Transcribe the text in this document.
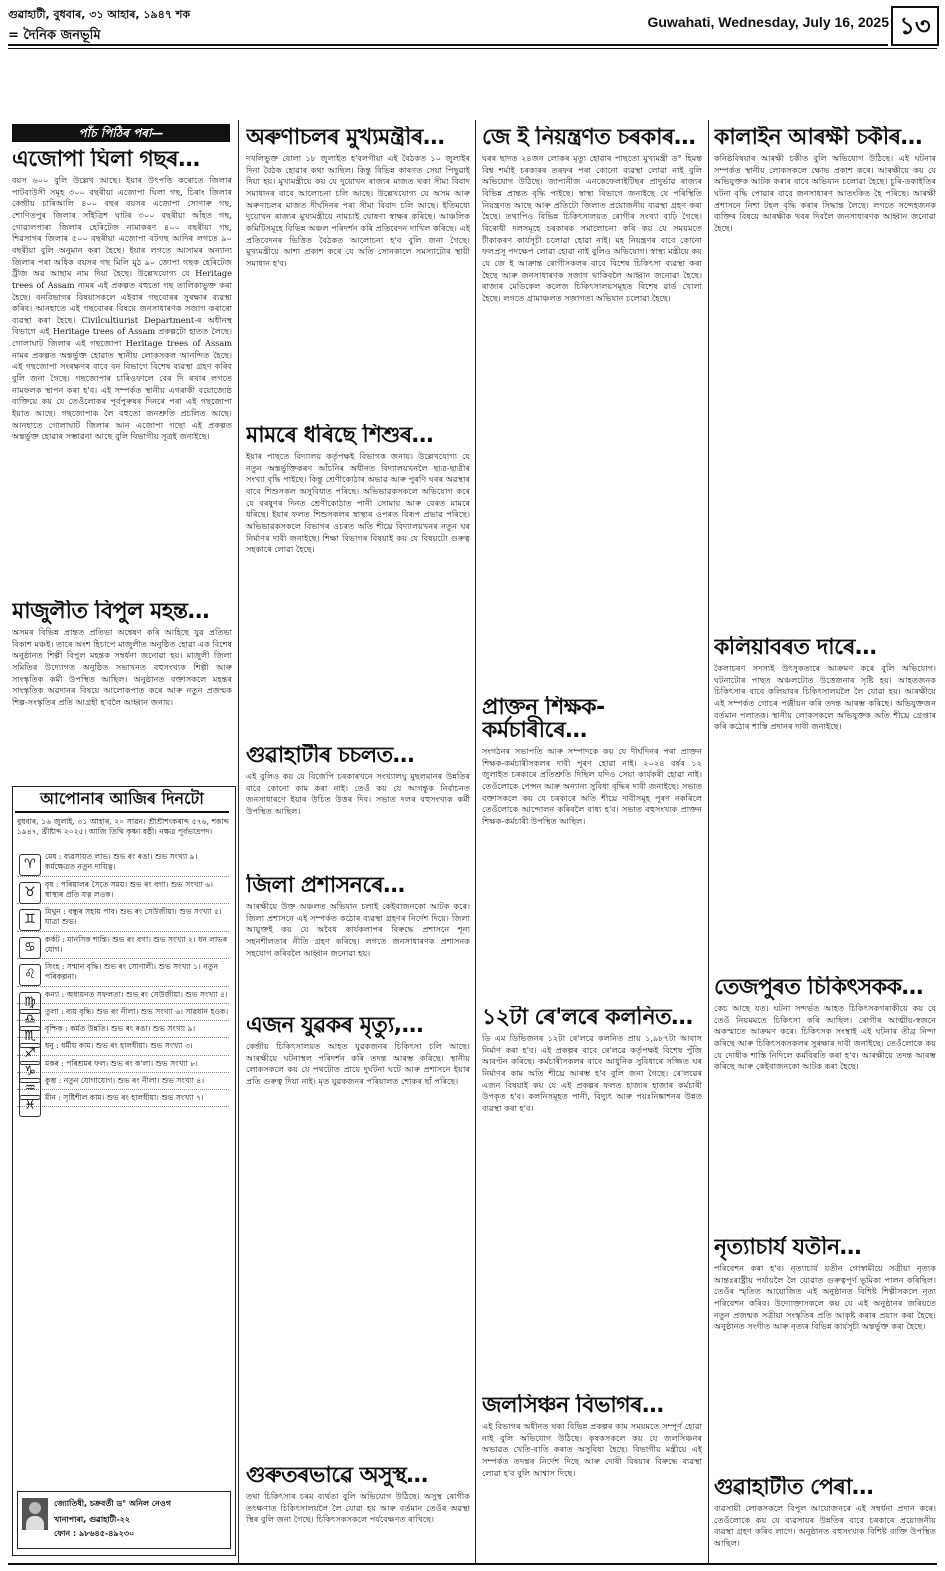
গুৱাহাটী, বুধবাৰ, ৩১ আহাৰ, ১৯৪৭ শক
= দৈনিক জনভূমি
Guwahati, Wednesday, July 16, 2025 ১৩
পাঁচ পিঠিৰ পৰা—
এজোপা ঘিলা গছৰ…

বয়স ৬০০ বুলি উল্লেখ আছে। ইয়াৰ উৎপত্তি কৰোতে জিলাৰ পাটবাউসী সমূহ ৩০০ বছৰীয়া এজোপা ঘিলা গছ, চিৰাং জিলাৰ কেন্দ্ৰীয় চাৰিআলি ৪০০ বছৰ বয়সৰ এজোপা সোণাৰু গছ, শোণিতপুৰ জিলাৰ সাঁইত্ৰিশ ঘাটৰ ৩০০ বছৰীয়া আঁহত গছ, গোৱালপাৰা জিলাৰ হেৰিটেজ নামাকৰণ ৪০০ বছৰীয়া গছ, শিৱসাগৰ জিলাৰ ৫০০ বছৰীয়া এজোপা বটগছ আদিৰ লগতে ৯০ বছৰীয়া বুলি অনুমান কৰা হৈছে। ইয়াৰ লগতে আসামৰ অন্যান্য জিলাৰ পৰা অধিক বয়সৰ গছ মিলি মুঠ ৯০ জোপা গছক হেৰিটেজ ট্ৰীজ অৱ আছাম নাম দিয়া হৈছে। উল্লেখযোগ্য যে Heritage trees of Assam নামৰ এই প্ৰকল্পত বহুতো গছ তালিকাভুক্ত কৰা হৈছে। বনবিভাগৰ বিষয়াসকলে এইবাৰ গছবোৰৰ সুৰক্ষাৰ ব্যৱস্থা কৰিব। আনহাতে এই গছবোৰৰ বিষয়ে জনসাধাৰণক সজাগ কৰাৰো ব্যৱস্থা কৰা হৈছে। Civilcultiurist Department-ৰ অধীনস্থ বিভাগে এই Heritage trees of Assam প্ৰকল্পটো হাতত লৈছে। গোলাঘাট জিলাৰ এই গছজোপা Heritage trees of Assam নামৰ প্ৰকল্পত অন্তৰ্ভুক্ত হোৱাত স্থানীয় লোকসকল আনন্দিত হৈছে। এই গছজোপা সংৰক্ষণৰ বাবে বন বিভাগে বিশেষ ব্যৱস্থা গ্ৰহণ কৰিব বুলি জনা গৈছে। গছজোপাৰ চাৰিওফালে বেৰ দি ৰখাৰ লগতে নামফলক স্থাপন কৰা হ'ব। এই সম্পৰ্কত স্থানীয় এগৰাকী বয়োজ্যেষ্ঠ ব্যক্তিয়ে কয় যে তেওঁলোকৰ পূৰ্বপুৰুষৰ দিনৰে পৰা এই গছজোপা ইয়াত আছে। গছজোপাক লৈ বহুতো জনশ্ৰুতি প্ৰচলিত আছে। আনহাতে গোলাঘাট জিলাৰ আন এজোপা গছো এই প্ৰকল্পত অন্তৰ্ভুক্ত হোৱাৰ সম্ভাৱনা আছে বুলি বিভাগীয় সূত্ৰই জনাইছে।

মাজুলীত বিপুল মহন্ত…

অসমৰ বিভিন্ন প্ৰান্তত প্ৰতিভা অন্বেষণ কৰি আহিছে যুৱ প্ৰতিভা বিকাশ মঞ্চই। তাৰে অংশ হিচাপে মাজুলীত অনুষ্ঠিত হোৱা এক বিশেষ অনুষ্ঠানত শিল্পী বিপুল মহন্তক সম্বৰ্ধনা জনোৱা হয়। মাজুলী জিলা সমিতিৰ উদ্যোগত অনুষ্ঠিত সভাখনত বহুসংখ্যক শিল্পী আৰু সাংস্কৃতিক কৰ্মী উপস্থিত আছিল। অনুষ্ঠানত বক্তাসকলে মহন্তৰ সাংস্কৃতিক অৱদানৰ বিষয়ে আলোকপাত কৰে আৰু নতুন প্ৰজন্মক শিল্প-সংস্কৃতিৰ প্ৰতি আগ্ৰহী হ'বলৈ আহ্বান জনায়।

আপোনাৰ আজিৰ দিনটো
বুধবাৰ, ১৬ জুলাই, ৩১ আহাৰ, ২০ সাৱন। শ্ৰীশ্ৰীশংকৰাব্দ ৫৭৬, শকাব্দ ১৯৪৭, খ্ৰীষ্টাব্দ ২০২৫। আজি তিথি কৃষ্ণা ষষ্ঠী। নক্ষত্ৰ পূৰ্বভাদ্ৰপদ।
♈
মেষ : ব্যৱসায়ত লাভ। শুভ ৰং ৰঙা। শুভ সংখ্যা ৯। কৰ্মক্ষেত্ৰত নতুন দায়িত্ব।
♉
বৃষ : পৰিয়ালৰ সৈতে সময়। শুভ ৰং বগা। শুভ সংখ্যা ৬। স্বাস্থ্যৰ প্ৰতি যত্ন লওক।
♊
মিথুন : বন্ধুৰ সহায় পাব। শুভ ৰং সেউজীয়া। শুভ সংখ্যা ৫। যাত্ৰা শুভ।
♋
কৰ্কট : মানসিক শান্তি। শুভ ৰং বগা। শুভ সংখ্যা ২। ধন লাভৰ যোগ।
♌
সিংহ : সন্মান বৃদ্ধি। শুভ ৰং সোণালী। শুভ সংখ্যা ১। নতুন পৰিকল্পনা।
♍
কন্যা : অধ্যয়নত সফলতা। শুভ ৰং সেউজীয়া। শুভ সংখ্যা ৫।
♎
তুলা : ব্যয় বৃদ্ধি। শুভ ৰং নীলা। শুভ সংখ্যা ৬। সাৱধান হওক।
♏
বৃশ্চিক : কৰ্মত উন্নতি। শুভ ৰং ৰঙা। শুভ সংখ্যা ৯।
♐
ধনু : ধৰ্মীয় কাম। শুভ ৰং হালধীয়া। শুভ সংখ্যা ৩।
♑
মকৰ : পৰিশ্ৰমৰ ফল। শুভ ৰং ক'লা। শুভ সংখ্যা ৮।
♒
কুম্ভ : নতুন যোগাযোগ। শুভ ৰং নীলা। শুভ সংখ্যা ৪।
♓
মীন : সৃষ্টিশীল কাম। শুভ ৰং হালধীয়া। শুভ সংখ্যা ৭।
জ্যোতিষী, চক্ৰবৰ্তী ড° অনিল নেওগ
খানাপাৰা, গুৱাহাটী-২২
ফোন : ৯৮৬৪৫-৪৯২৩০
অৰুণাচলৰ মুখ্যমন্ত্ৰীৰ…

দখলিভুক্ত বোলা ১৮ জুলাইত হ'বলগীয়া এই বৈঠকত ১০ জুলাইৰ দিনা বৈঠক হোৱাৰ কথা আছিল। কিন্তু বিভিন্ন কাৰণত সেয়া পিছুৱাই দিয়া হয়। মুখ্যমন্ত্ৰীয়ে কয় যে দুয়োখন ৰাজ্যৰ মাজত থকা সীমা বিবাদ সমাধানৰ বাবে আলোচনা চলি আছে। উল্লেখযোগ্য যে অসম আৰু অৰুণাচলৰ মাজত দীৰ্ঘদিনৰ পৰা সীমা বিবাদ চলি আছে। ইতিমধ্যে দুয়োখন ৰাজ্যৰ মুখ্যমন্ত্ৰীয়ে নামচাই ঘোষণা স্বাক্ষৰ কৰিছে। আঞ্চলিক কমিটিসমূহে বিভিন্ন অঞ্চল পৰিদৰ্শন কৰি প্ৰতিবেদন দাখিল কৰিছে। এই প্ৰতিবেদনৰ ভিত্তিত বৈঠকত আলোচনা হ'ব বুলি জনা গৈছে। মুখ্যমন্ত্ৰীয়ে আশা প্ৰকাশ কৰে যে অতি সোনকালে সমস্যাটোৰ স্থায়ী সমাধান হ'ব।

মামৰে ধৰিছে শিশুৰ…

ইয়াৰ পাছতে বিদ্যালয় কৰ্তৃপক্ষই বিভাগক জনায়। উল্লেখযোগ্য যে নতুন অন্তৰ্ভুক্তিকৰণ আঁচনিৰ অধীনত বিদ্যালয়খনলৈ ছাত্ৰ-ছাত্ৰীৰ সংখ্যা বৃদ্ধি পাইছে। কিন্তু শ্ৰেণীকোঠাৰ অভাৱ আৰু পুৰণি ঘৰৰ অৱস্থাৰ বাবে শিশুসকল অসুবিধাত পৰিছে। অভিভাৱকসকলে অভিযোগ কৰে যে বৰষুণৰ দিনত শ্ৰেণীকোঠাত পানী সোমায় আৰু বেৰত মামৰে ধৰিছে। ইয়াৰ ফলত শিশুসকলৰ স্বাস্থ্যৰ ওপৰত বিৰূপ প্ৰভাৱ পৰিছে। অভিভাৱকসকলে বিভাগৰ ওচৰত অতি শীঘ্ৰে বিদ্যালয়খনৰ নতুন ঘৰ নিৰ্মাণৰ দাবী জনাইছে। শিক্ষা বিভাগৰ বিষয়াই কয় যে বিষয়টো গুৰুত্ব সহকাৰে লোৱা হৈছে।

গুৱাহাটীৰ চচলত…

এই বুলিও কয় যে বিজেপি চৰকাৰখনে সংখ্যালঘু মুছলমানৰ উন্নতিৰ বাবে কোনো কাম কৰা নাই। তেওঁ কয় যে আগন্তুক নিৰ্বাচনত জনসাধাৰণে ইয়াৰ উচিত উত্তৰ দিব। সভাত দলৰ বহুসংখ্যক কৰ্মী উপস্থিত আছিল।

জিলা প্ৰশাসনৰে…

আৰক্ষীয়ে উক্ত অঞ্চলত অভিযান চলাই কেইবাজনকো আটক কৰে। জিলা প্ৰশাসনে এই সম্পৰ্কত কঠোৰ ব্যৱস্থা গ্ৰহণৰ নিৰ্দেশ দিয়ে। জিলা আয়ুক্তই কয় যে অবৈধ কাৰ্যকলাপৰ বিৰুদ্ধে প্ৰশাসনে শূন্য সহনশীলতাৰ নীতি গ্ৰহণ কৰিছে। লগতে জনসাধাৰণক প্ৰশাসনক সহযোগ কৰিবলৈ আহ্বান জনোৱা হয়।

এজন যুৱকৰ মৃত্যু,…

কেন্দ্ৰীয় চিকিৎসালয়ত আহত যুৱকজনৰ চিকিৎসা চলি আছে। আৰক্ষীয়ে ঘটনাস্থল পৰিদৰ্শন কৰি তদন্ত আৰম্ভ কৰিছে। স্থানীয় লোকসকলে কয় যে পথটোত প্ৰায়ে দুৰ্ঘটনা ঘটে আৰু প্ৰশাসনে ইয়াৰ প্ৰতি গুৰুত্ব দিয়া নাই। মৃত যুৱকজনৰ পৰিয়ালত শোকৰ ছাঁ পৰিছে।

গুৰুতৰভাৱে অসুস্থ…

তথা চিকিৎসাৰ চৰম ব্যৰ্থতা বুলি অভিযোগ উঠিছে। অসুস্থ ৰোগীক তৎক্ষণাত চিকিৎসালয়লৈ লৈ যোৱা হয় আৰু বৰ্তমান তেওঁৰ অৱস্থা স্থিৰ বুলি জনা গৈছে। চিকিৎসকসকলে পৰ্যবেক্ষণত ৰাখিছে।

জে ই নিয়ন্ত্ৰণত চৰকাৰ…

ঘৰৰ ছাদত ২৪জন লোকৰ মৃত্যু হোৱাৰ পাছতো মুখ্যমন্ত্ৰী ড° হিমন্ত বিশ্ব শৰ্মাই চৰকাৰৰ তৰফৰ পৰা কোনো ব্যৱস্থা লোৱা নাই বুলি অভিযোগ উঠিছে। জাপানীজ এনকেফেলাইটিছৰ প্ৰাদুৰ্ভাৱ ৰাজ্যৰ বিভিন্ন প্ৰান্তত বৃদ্ধি পাইছে। স্বাস্থ্য বিভাগে জনাইছে যে পৰিস্থিতি নিয়ন্ত্ৰণত আছে আৰু প্ৰতিটো জিলাত প্ৰয়োজনীয় ব্যৱস্থা গ্ৰহণ কৰা হৈছে। তথাপিও বিভিন্ন চিকিৎসালয়ত ৰোগীৰ সংখ্যা বাঢ়ি গৈছে। বিৰোধী দলসমূহে চৰকাৰক সমালোচনা কৰি কয় যে সময়মতে টীকাকৰণ কাৰ্যসূচী চলোৱা হোৱা নাই। মহ নিয়ন্ত্ৰণৰ বাবে কোনো ফলপ্ৰসূ পদক্ষেপ লোৱা হোৱা নাই বুলিও অভিযোগ। স্বাস্থ্য মন্ত্ৰীয়ে কয় যে জে ই আক্ৰান্ত ৰোগীসকলৰ বাবে বিশেষ চিকিৎসা ব্যৱস্থা কৰা হৈছে আৰু জনসাধাৰণক সজাগ থাকিবলৈ আহ্বান জনোৱা হৈছে। ৰাজ্যৰ মেডিকেল কলেজ চিকিৎসালয়সমূহত বিশেষ ৱাৰ্ড খোলা হৈছে। লগতে গ্ৰামাঞ্চলত সজাগতা অভিযান চলোৱা হৈছে।

প্ৰাক্তন শিক্ষক-কৰ্মচাৰীৰে…

সংগঠনৰ সভাপতি আৰু সম্পাদকে কয় যে দীৰ্ঘদিনৰ পৰা প্ৰাক্তন শিক্ষক-কৰ্মচাৰীসকলৰ দাবী পূৰণ হোৱা নাই। ২০২৪ বৰ্ষৰ ১২ জুলাইত চৰকাৰে প্ৰতিশ্ৰুতি দিছিল যদিও সেয়া কাৰ্যকৰী হোৱা নাই। তেওঁলোকে পেন্সন আৰু অন্যান্য সুবিধা বৃদ্ধিৰ দাবী জনাইছে। সভাত বক্তাসকলে কয় যে চৰকাৰে অতি শীঘ্ৰে দাবীসমূহ পূৰণ নকৰিলে তেওঁলোকে আন্দোলন কৰিবলৈ বাধ্য হ'ব। সভাত বহুসংখ্যক প্ৰাক্তন শিক্ষক-কৰ্মচাৰী উপস্থিত আছিল।

১২টা ৰে'লৰে কলনিত…

ডি এম ডিভিজনৰ ১২টা ৰে'লৱে কলনিত প্ৰায় ১,৯৮৭টা আবাস নিৰ্মাণ কৰা হ'ব। এই প্ৰকল্পৰ বাবে ৰে'লৱে কৰ্তৃপক্ষই বিশেষ পুঁজি আবণ্টন কৰিছে। কৰ্মচাৰীসকলৰ বাবে আধুনিক সুবিধাৰে সজ্জিত ঘৰ নিৰ্মাণৰ কাম অতি শীঘ্ৰে আৰম্ভ হ'ব বুলি জনা গৈছে। ৰে'লৱেৰ এজন বিষয়াই কয় যে এই প্ৰকল্পৰ ফলত হাজাৰ হাজাৰ কৰ্মচাৰী উপকৃত হ'ব। কলনিসমূহত পানী, বিদ্যুৎ আৰু পয়ঃনিষ্কাশনৰ উন্নত ব্যৱস্থা কৰা হ'ব।

জলসিঞ্চন বিভাগৰ…

এই বিভাগৰ অধীনত থকা বিভিন্ন প্ৰকল্পৰ কাম সময়মতে সম্পূৰ্ণ হোৱা নাই বুলি অভিযোগ উঠিছে। কৃষকসকলে কয় যে জলসিঞ্চনৰ অভাৱত খেতি-বাতি কৰাত অসুবিধা হৈছে। বিভাগীয় মন্ত্ৰীয়ে এই সম্পৰ্কত তদন্তৰ নিৰ্দেশ দিছে আৰু দোষী বিষয়াৰ বিৰুদ্ধে ব্যৱস্থা লোৱা হ'ব বুলি আশ্বাস দিছে।

কালাইন আৰক্ষী চকীৰ…

কনিষ্ঠবিষয়াৰ আৰক্ষী চকীত বুলি অভিযোগ উঠিছে। এই ঘটনাৰ সম্পৰ্কত স্থানীয় লোকসকলে ক্ষোভ প্ৰকাশ কৰে। আৰক্ষীয়ে কয় যে অভিযুক্তক আটক কৰাৰ বাবে অভিযান চলোৱা হৈছে। চুৰি-ডকাইতিৰ ঘটনা বৃদ্ধি পোৱাৰ বাবে জনসাধাৰণ আতংকিত হৈ পৰিছে। আৰক্ষী প্ৰশাসনে নিশা টহল বৃদ্ধি কৰাৰ সিদ্ধান্ত লৈছে। লগতে সন্দেহজনক ব্যক্তিৰ বিষয়ে আৰক্ষীক খবৰ দিবলৈ জনসাধাৰণক আহ্বান জনোৱা হৈছে।

কলিয়াবৰত দাৰে…

কৈলাচৰণ সদস্যই উৎসুকতাৰে আক্ৰমণ কৰে বুলি অভিযোগ। ঘটনাটোৰ পাছত অঞ্চলটোত উত্তেজনাৰ সৃষ্টি হয়। আহতজনক চিকিৎসাৰ বাবে কলিয়াবৰ চিকিৎসালয়লৈ লৈ যোৱা হয়। আৰক্ষীয়ে এই সম্পৰ্কত গোচৰ পঞ্জীয়ন কৰি তদন্ত আৰম্ভ কৰিছে। অভিযুক্তজন বৰ্তমান পলাতক। স্থানীয় লোকসকলে অভিযুক্তক অতি শীঘ্ৰে গ্ৰেপ্তাৰ কৰি কঠোৰ শাস্তি প্ৰদানৰ দাবী জনাইছে।

তেজপুৰত চিকিৎসকক…

কেচ আছে যত। ঘটনা সন্দৰ্ভত আহত চিকিৎসকগৰাকীয়ে কয় যে তেওঁ নিয়মমতে চিকিৎসা কৰি আছিল। ৰোগীৰ আত্মীয়-স্বজনে অকস্মাতে আক্ৰমণ কৰে। চিকিৎসক সংস্থাই এই ঘটনাৰ তীব্ৰ নিন্দা কৰিছে আৰু চিকিৎসকসকলৰ সুৰক্ষাৰ দাবী জনাইছে। তেওঁলোকে কয় যে দোষীক শাস্তি নিদিলে কৰ্মবিৰতি কৰা হ'ব। আৰক্ষীয়ে তদন্ত আৰম্ভ কৰিছে আৰু কেইবাজনকো আটক কৰা হৈছে।

নৃত্যাচাৰ্য যতীন…

পৰিবেশন কৰা হ'ব। নৃত্যাচাৰ্য যতীন গোস্বামীয়ে সত্ৰীয়া নৃত্যক আন্তঃৰাষ্ট্ৰীয় পৰ্যায়লৈ লৈ যোৱাত গুৰুত্বপূৰ্ণ ভূমিকা পালন কৰিছিল। তেওঁৰ স্মৃতিত আয়োজিত এই অনুষ্ঠানত বিশিষ্ট শিল্পীসকলে নৃত্য পৰিবেশন কৰিব। উদ্যোক্তাসকলে কয় যে এই অনুষ্ঠানৰ জৰিয়তে নতুন প্ৰজন্মক সত্ৰীয়া সংস্কৃতিৰ প্ৰতি আকৃষ্ট কৰাৰ প্ৰয়াস কৰা হৈছে। অনুষ্ঠানত সংগীত আৰু নৃত্যৰ বিভিন্ন কাৰ্যসূচী অন্তৰ্ভুক্ত কৰা হৈছে।

গুৱাহাটীত পেৰা…

ব্যৱসায়ী লোকসকলে বিপুল আয়োজনৰে এই সম্বৰ্ধনা প্ৰদান কৰে। তেওঁলোকে কয় যে ব্যৱসায়ৰ উন্নতিৰ বাবে চৰকাৰে প্ৰয়োজনীয় ব্যৱস্থা গ্ৰহণ কৰিব লাগে। অনুষ্ঠানত বহুসংখ্যক বিশিষ্ট ব্যক্তি উপস্থিত আছিল।
